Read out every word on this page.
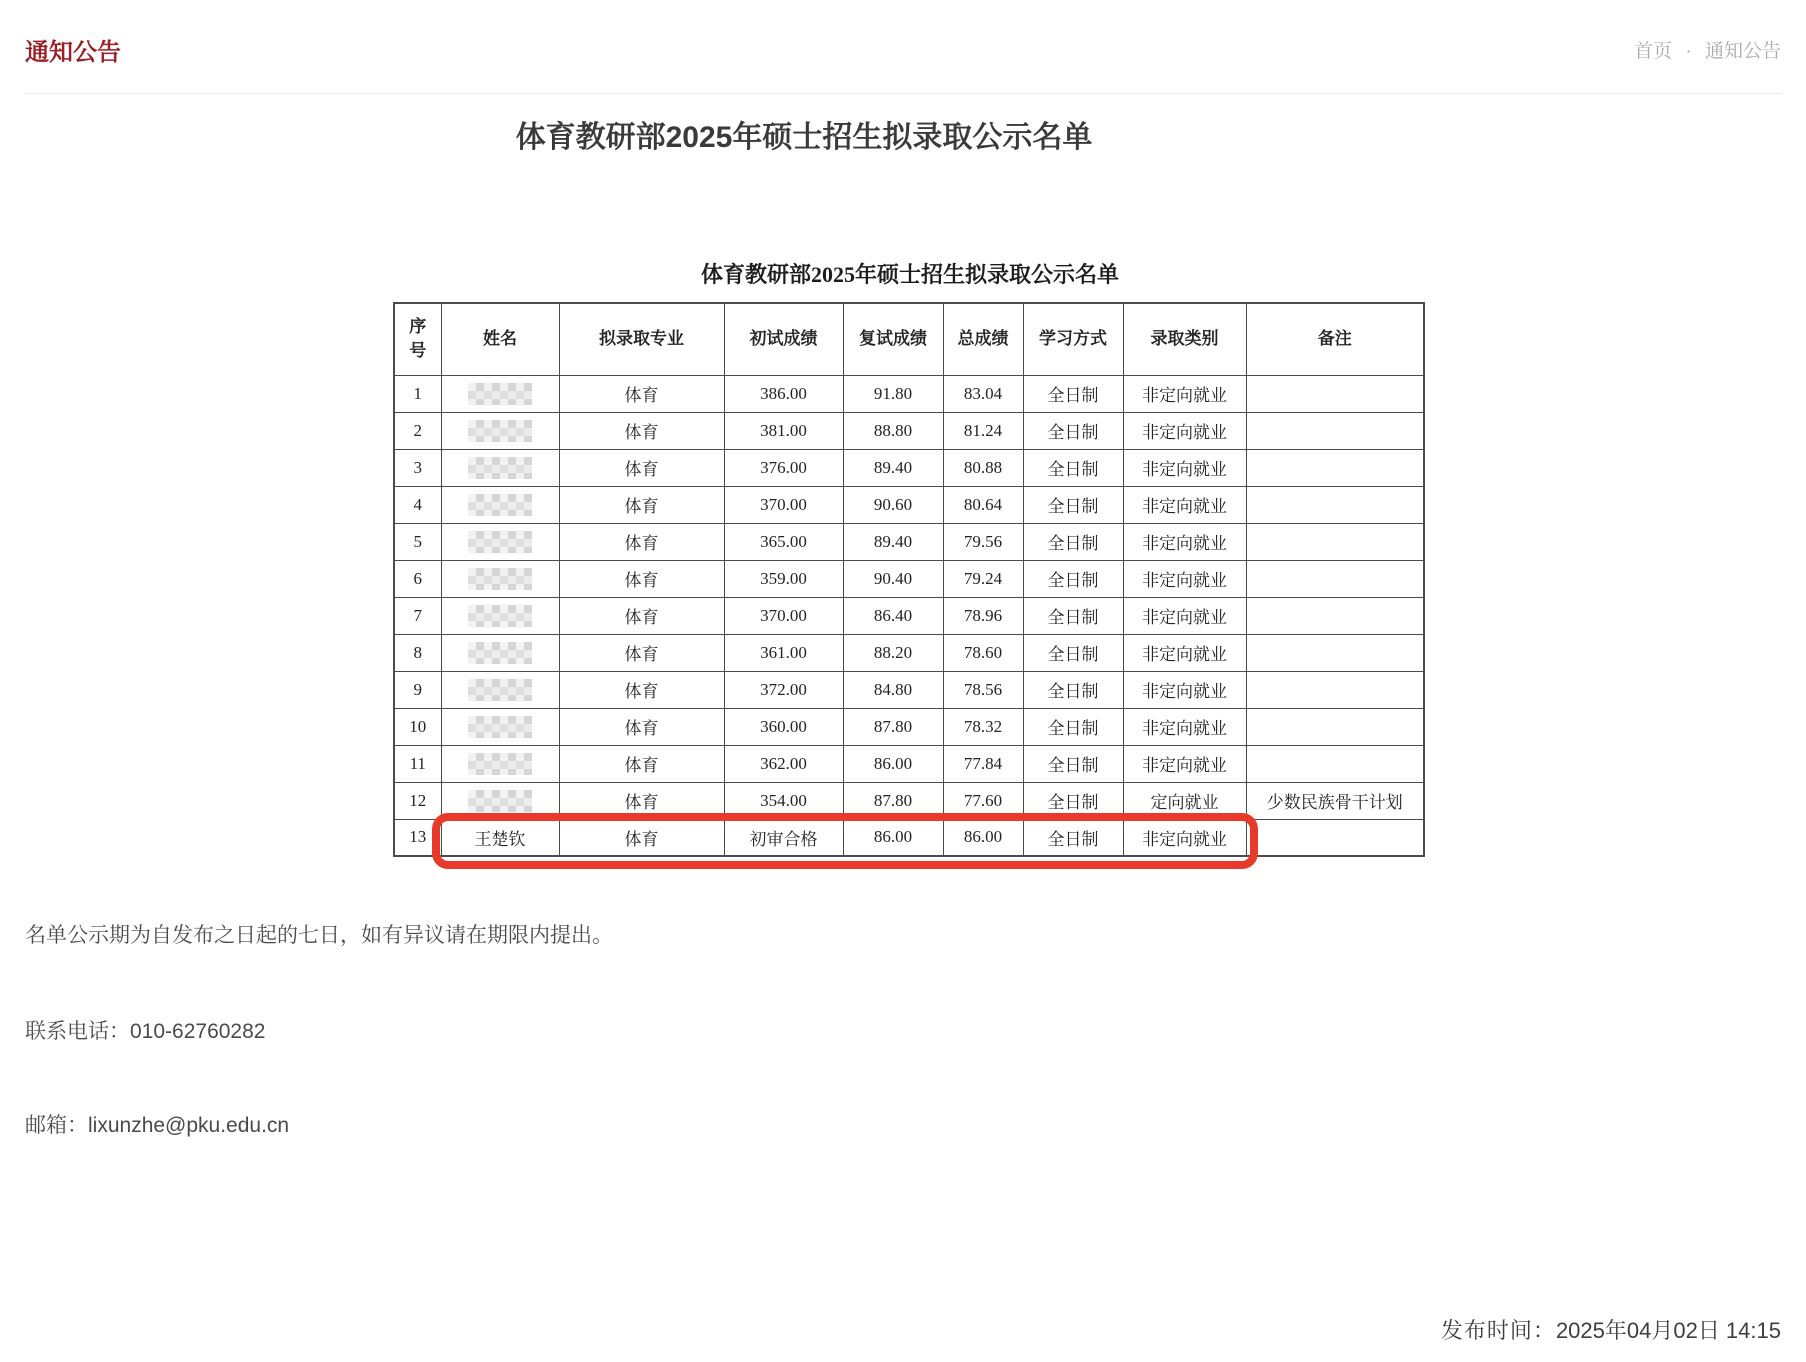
通知公告	首页 · 通知公告
体育教研部2025年硕士招生拟录取公示名单
体育教研部2025年硕士招生拟录取公示名单
序号	姓名	拟录取专业	初试成绩	复试成绩	总成绩	学习方式	录取类别	备注
1		体育	386.00	91.80	83.04	全日制	非定向就业	
2		体育	381.00	88.80	81.24	全日制	非定向就业	
3		体育	376.00	89.40	80.88	全日制	非定向就业	
4		体育	370.00	90.60	80.64	全日制	非定向就业	
5		体育	365.00	89.40	79.56	全日制	非定向就业	
6		体育	359.00	90.40	79.24	全日制	非定向就业	
7		体育	370.00	86.40	78.96	全日制	非定向就业	
8		体育	361.00	88.20	78.60	全日制	非定向就业	
9		体育	372.00	84.80	78.56	全日制	非定向就业	
10		体育	360.00	87.80	78.32	全日制	非定向就业	
11		体育	362.00	86.00	77.84	全日制	非定向就业	
12		体育	354.00	87.80	77.60	全日制	定向就业	少数民族骨干计划
13	王楚钦	体育	初审合格	86.00	86.00	全日制	非定向就业	

名单公示期为自发布之日起的七日，如有异议请在期限内提出。

联系电话：010-62760282

邮箱：lixunzhe@pku.edu.cn

发布时间：2025年04月02日 14:15
